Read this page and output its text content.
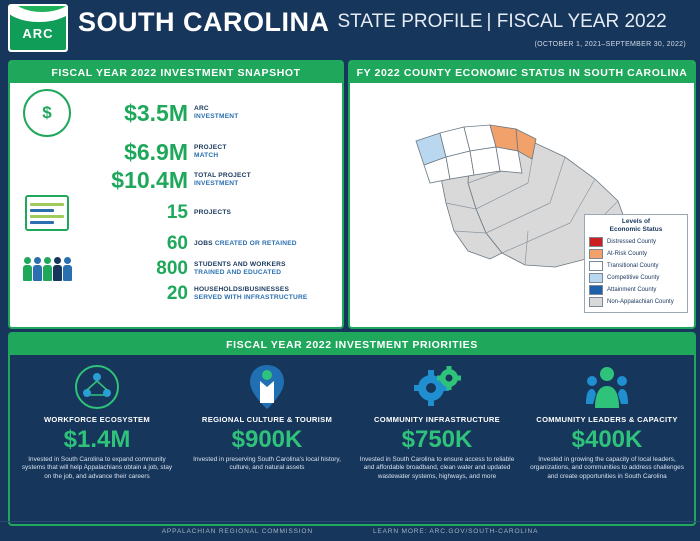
ARC SOUTH CAROLINA STATE PROFILE | FISCAL YEAR 2022
(OCTOBER 1, 2021–SEPTEMBER 30, 2022)
FISCAL YEAR 2022 INVESTMENT SNAPSHOT
$	$3.5M ARC
INVESTMENT
$6.9M PROJECT
MATCH
$10.4M TOTAL PROJECT
INVESTMENT
15 PROJECTS
60 JOBS CREATED OR RETAINED
800 STUDENTS AND WORKERS
TRAINED AND EDUCATED
20 HOUSEHOLDS/BUSINESSES
SERVED WITH INFRASTRUCTURE
FY 2022 COUNTY ECONOMIC STATUS IN SOUTH CAROLINA
Levels of
Economic Status
Distressed County
At-Risk County
Transitional County
Competitive County
Attainment County
Non-Appalachian County
FISCAL YEAR 2022 INVESTMENT PRIORITIES
WORKFORCE ECOSYSTEM
$1.4M
Invested in South Carolina to expand community systems that will help Appalachians obtain a job, stay on the job, and advance their careers
REGIONAL CULTURE & TOURISM
$900K
Invested in preserving South Carolina's local history, culture, and natural assets
COMMUNITY INFRASTRUCTURE
$750K
Invested in South Carolina to ensure access to reliable and affordable broadband, clean water and updated wastewater systems, highways, and more
COMMUNITY LEADERS & CAPACITY
$400K
Invested in growing the capacity of local leaders, organizations, and communities to address challenges and create opportunities in South Carolina
APPALACHIAN REGIONAL COMMISSION	LEARN MORE: ARC.GOV/SOUTH-CAROLINA
